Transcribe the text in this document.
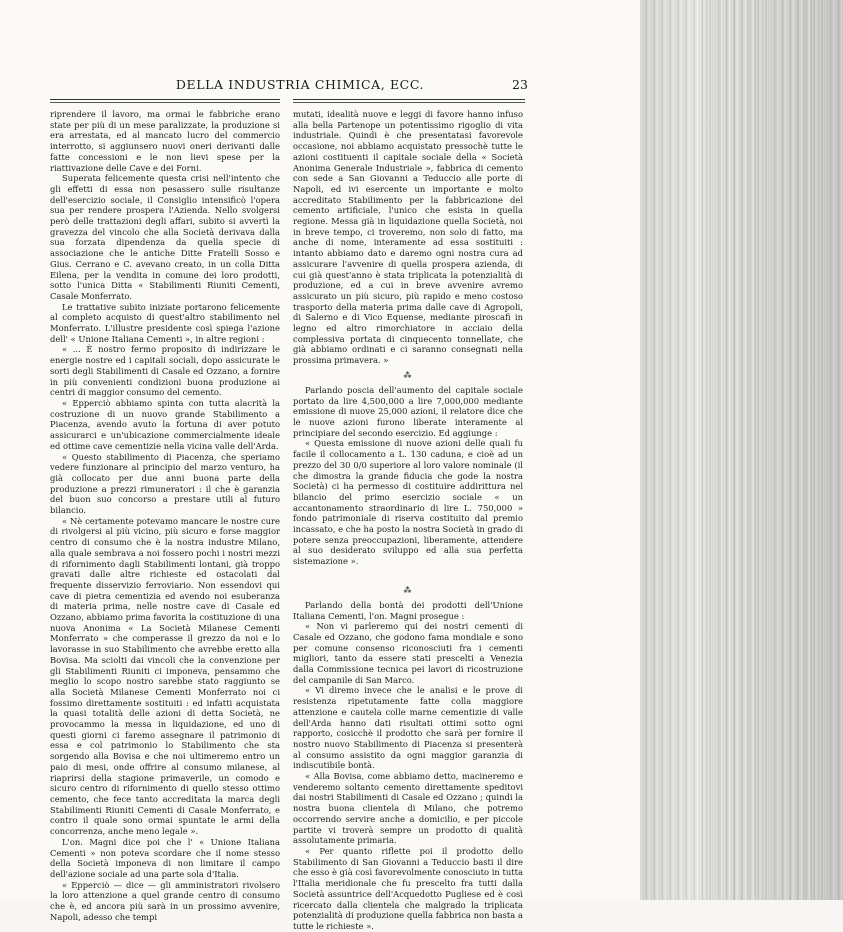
DELLA INDUSTRIA CHIMICA, ECC.	23

riprendere il lavoro, ma ormai le fabbriche erano state per più di un mese paralizzate, la produzione si era arrestata, ed al mancato lucro del commercio interrotto, si aggiunsero nuovi oneri derivanti dalle fatte concessioni e le non lievi spese per la riattivazione delle Cave e dei Forni.

Superata felicemente questa crisi nell'intento che gli effetti di essa non pesassero sulle risultanze dell'esercizio sociale, il Consiglio intensificò l'opera sua per rendere prospera l'Azienda. Nello svolgersi però delle trattazioni degli affari, subito si avvertì la gravezza del vincolo che alla Società derivava dalla sua forzata dipendenza da quella specie di associazione che le antiche Ditte Fratelli Sosso e Gius. Cerrano e C. avevano creato, in un colla Ditta Eilena, per la vendita in comune dei loro prodotti, sotto l'unica Ditta « Stabilimenti Riuniti Cementi, Casale Monferrato.

Le trattative subito iniziate portarono felicemente al completo acquisto di quest'altro stabilimento nel Monferrato. L'illustre presidente così spiega l'azione dell' « Unione Italiana Cementi », in altre regioni :

« ... È nostro fermo proposito di indirizzare le energie nostre ed i capitali sociali, dopo assicurate le sorti degli Stabilimenti di Casale ed Ozzano, a fornire in più convenienti condizioni buona produzione ai centri di maggior consumo del cemento.

« Epperciò abbiamo spinta con tutta alacrità la costruzione di un nuovo grande Stabilimento a Piacenza, avendo avuto la fortuna di aver potuto assicurarci e un'ubicazione commercialmente ideale ed ottime cave cementizie nella vicina valle dell'Arda.

« Questo stabilimento di Piacenza, che speriamo vedere funzionare al principio del marzo venturo, ha già collocato per due anni buona parte della produzione a prezzi rimuneratori : il che è garanzia del buon suo concorso a prestare utili al futuro bilancio.

« Nè certamente potevamo mancare le nostre cure di rivolgersi al più vicino, più sicuro e forse maggior centro di consumo che è la nostra industre Milano, alla quale sembrava a noi fossero pochi i nostri mezzi di rifornimento dagli Stabilimenti lontani, già troppo gravati dalle altre richieste ed ostacolati dal frequente disservizio ferroviario. Non essendovi qui cave di pietra cementizia ed avendo noi esuberanza di materia prima, nelle nostre cave di Casale ed Ozzano, abbiamo prima favorita la costituzione di una nuova Anonima « La Società Milanese Cementi Monferrato » che comperasse il grezzo da noi e lo lavorasse in suo Stabilimento che avrebbe eretto alla Bovisa. Ma sciolti dai vincoli che la convenzione per gli Stabilimenti Riuniti ci imponeva, pensammo che meglio lo scopo nostro sarebbe stato raggiunto se alla Società Milanese Cementi Monferrato noi ci fossimo direttamente sostituiti : ed infatti acquistata la quasi totalità delle azioni di detta Società, ne provocammo la messa in liquidazione, ed uno di questi giorni ci faremo assegnare il patrimonio di essa e col patrimonio lo Stabilimento che sta sorgendo alla Bovisa e che noi ultimeremo entro un paio di mesi, onde offrire al consumo milanese, al riaprirsi della stagione primaverile, un comodo e sicuro centro di rifornimento di quello stesso ottimo cemento, che fece tanto accreditata la marca degli Stabilimenti Riuniti Cementi di Casale Monferrato, e contro il quale sono ormai spuntate le armi della concorrenza, anche meno legale ».

L'on. Magni dice poi che l' « Unione Italiana Cementi » non poteva scordare che il nome stesso della Società imponeva di non limitare il campo dell'azione sociale ad una parte sola d'Italia.

« Epperciò — dice — gli amministratori rivolsero la loro attenzione a quel grande centro di consumo che è, ed ancora più sarà in un prossimo avvenire, Napoli, adesso che tempi

mutati, idealità nuove e leggi di favore hanno infuso alla bella Partenope un potentissimo rigoglio di vita industriale. Quindi è che presentatasi favorevole occasione, noi abbiamo acquistato pressochè tutte le azioni costituenti il capitale sociale della « Società Anonima Generale Industriale », fabbrica di cemento con sede a San Giovanni a Teduccio alle porte di Napoli, ed ivi esercente un importante e molto accreditato Stabilimento per la fabbricazione del cemento artificiale, l'unico che esista in quella regione. Messa già in liquidazione quella Società, noi in breve tempo, ci troveremo, non solo di fatto, ma anche di nome, interamente ad essa sostituiti : intanto abbiamo dato e daremo ogni nostra cura ad assicurare l'avvenire di quella prospera azienda, di cui già quest'anno è stata triplicata la potenzialità di produzione, ed a cui in breve avvenire avremo assicurato un più sicuro, più rapido e meno costoso trasporto della materia prima dalle cave di Agropoli, di Salerno e di Vico Equense, mediante piroscafi in legno ed altro rimorchiatore in acciaio della complessiva portata di cinquecento tonnellate, che già abbiamo ordinati e ci saranno consegnati nella prossima primavera. »

⁂

Parlando poscia dell'aumento del capitale sociale portato da lire 4,500,000 a lire 7,000,000 mediante emissione di nuove 25,000 azioni, il relatore dice che le nuove azioni furono liberate interamente al principiare del secondo esercizio. Ed aggiunge :

« Questa emissione di nuove azioni delle quali fu facile il collocamento a L. 130 caduna, e cioè ad un prezzo del 30 0/0 superiore al loro valore nominale (il che dimostra la grande fiducia che gode la nostra Società) ci ha permesso di costituire addirittura nel bilancio del primo esercizio sociale « un accantonamento straordinario di lire L. 750,000 » fondo patrimoniale di riserva costituito dal premio incassato, e che ha posto la nostra Società in grado di potere senza preoccupazioni, liberamente, attendere al suo desiderato sviluppo ed alla sua perfetta sistemazione ».

⁂

Parlando della bontà dei prodotti dell'Unione Italiana Cementi, l'on. Magni prosegue :

« Non vi parleremo qui dei nostri cementi di Casale ed Ozzano, che godono fama mondiale e sono per comune consenso riconosciuti fra i cementi migliori, tanto da essere stati prescelti a Venezia dalla Commissione tecnica pei lavori di ricostruzione del campanile di San Marco.

« Vi diremo invece che le analisi e le prove di resistenza ripetutamente fatte colla maggiore attenzione e cautela colle marne cementizie di valle dell'Arda hanno dati risultati ottimi sotto ogni rapporto, cosicchè il prodotto che sarà per fornire il nostro nuovo Stabilimento di Piacenza si presenterà al consumo assistito da ogni maggior garanzia di indiscutibile bontà.

« Alla Bovisa, come abbiamo detto, macineremo e venderemo soltanto cemento direttamente speditovi dai nostri Stabilimenti di Casale ed Ozzano ; quindi la nostra buona clientela di Milano, che potremo occorrendo servire anche a domicilio, e per piccole partite vi troverà sempre un prodotto di qualità assolutamente primaria.

« Per quanto riflette poi il prodotto dello Stabilimento di San Giovanni a Teduccio basti il dire che esso è già così favorevolmente conosciuto in tutta l'Italia meridionale che fu prescelto fra tutti dalla Società assuntrice dell'Acquedotto Pugliese ed è così ricercato dalla clientela che malgrado la triplicata potenzialità di produzione quella fabbrica non basta a tutte le richieste ».
